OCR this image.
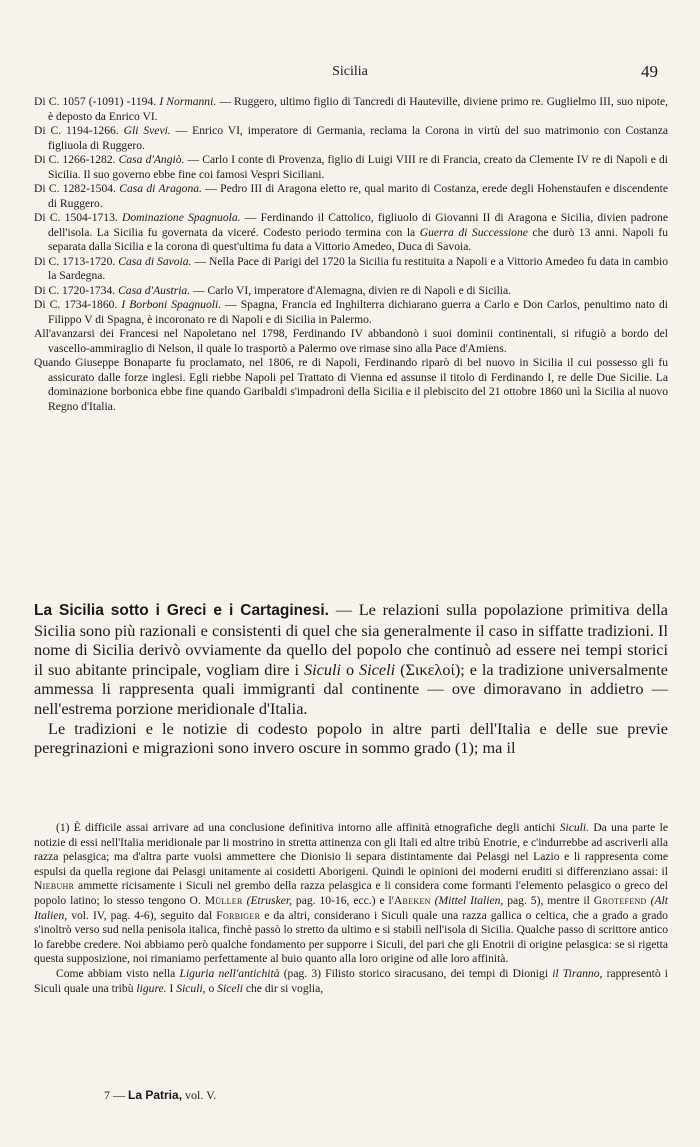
Sicilia	49

Di C. 1057 (-1091) -1194. I Normanni. — Ruggero, ultimo figlio di Tancredi di Hauteville, diviene primo re. Guglielmo III, suo nipote, è deposto da Enrico VI.

Di C. 1194-1266. Gli Svevi. — Enrico VI, imperatore di Germania, reclama la Corona in virtù del suo matrimonio con Costanza figliuola di Ruggero.

Di C. 1266-1282. Casa d'Angiò. — Carlo I conte di Provenza, figlio di Luigi VIII re di Francia, creato da Clemente IV re di Napoli e di Sicilia. Il suo governo ebbe fine coi famosi Vespri Siciliani.

Di C. 1282-1504. Casa di Aragona. — Pedro III di Aragona eletto re, qual marito di Costanza, erede degli Hohenstaufen e discendente di Ruggero.

Di C. 1504-1713. Dominazione Spagnuola. — Ferdinando il Cattolico, figliuolo di Giovanni II di Aragona e Sicilia, divien padrone dell'isola. La Sicilia fu governata da viceré. Codesto periodo termina con la Guerra di Successione che durò 13 anni. Napoli fu separata dalla Sicilia e la corona di quest'ultima fu data a Vittorio Amedeo, Duca di Savoia.

Di C. 1713-1720. Casa di Savoia. — Nella Pace di Parigi del 1720 la Sicilia fu restituita a Napoli e a Vittorio Amedeo fu data in cambio la Sardegna.

Di C. 1720-1734. Casa d'Austria. — Carlo VI, imperatore d'Alemagna, divien re di Napoli e di Sicilia.

Di C. 1734-1860. I Borboni Spagnuoli. — Spagna, Francia ed Inghilterra dichiarano guerra a Carlo e Don Carlos, penultimo nato di Filippo V di Spagna, è incoronato re di Napoli e di Sicilia in Palermo.

All'avanzarsi dei Francesi nel Napoletano nel 1798, Ferdinando IV abbandonò i suoi dominii continentali, si rifugiò a bordo del vascello-ammiraglio di Nelson, il quale lo trasportò a Palermo ove rimase sino alla Pace d'Amiens.

Quando Giuseppe Bonaparte fu proclamato, nel 1806, re di Napoli, Ferdinando riparò di bel nuovo in Sicilia il cui possesso gli fu assicurato dalle forze inglesi. Egli riebbe Napoli pel Trattato di Vienna ed assunse il titolo di Ferdinando I, re delle Due Sicilie. La dominazione borbonica ebbe fine quando Garibaldi s'impadronì della Sicilia e il plebiscito del 21 ottobre 1860 unì la Sicilia al nuovo Regno d'Italia.

La Sicilia sotto i Greci e i Cartaginesi. — Le relazioni sulla popolazione primitiva della Sicilia sono più razionali e consistenti di quel che sia generalmente il caso in siffatte tradizioni. Il nome di Sicilia derivò ovviamente da quello del popolo che continuò ad essere nei tempi storici il suo abitante principale, vogliam dire i Siculi o Siceli (Σικελοί); e la tradizione universalmente ammessa li rappresenta quali immigranti dal continente — ove dimoravano in addietro — nell'estrema porzione meridionale d'Italia.

Le tradizioni e le notizie di codesto popolo in altre parti dell'Italia e delle sue previe peregrinazioni e migrazioni sono invero oscure in sommo grado (1); ma il

(1) È difficile assai arrivare ad una conclusione definitiva intorno alle affinità etnografiche degli antichi Siculi. Da una parte le notizie di essi nell'Italia meridionale par li mostrino in stretta attinenza con gli Itali ed altre tribù Enotrie, e c'indurrebbe ad ascriverli alla razza pelasgica; ma d'altra parte vuolsi ammettere che Dionisio li separa distintamente dai Pelasgi nel Lazio e li rappresenta come espulsi da quella regione dai Pelasgi unitamente ai cosidetti Aborigeni. Quindi le opinioni dei moderni eruditi si differenziano assai: il Niebuhr ammette ricisamente i Siculi nel grembo della razza pelasgica e li considera come formanti l'elemento pelasgico o greco del popolo latino; lo stesso tengono O. Müller (Etrusker, pag. 10-16, ecc.) e l'Abeken (Mittel Italien, pag. 5), mentre il Grotefend (Alt Italien, vol. IV, pag. 4-6), seguito dal Forbiger e da altri, considerano i Siculi quale una razza gallica o celtica, che a grado a grado s'inoltrò verso sud nella penisola italica, finchè passò lo stretto da ultimo e si stabilì nell'isola di Sicilia. Qualche passo di scrittore antico lo farebbe credere. Noi abbiamo però qualche fondamento per supporre i Siculi, del pari che gli Enotrii di origine pelasgica: se si rigetta questa supposizione, noi rimaniamo perfettamente al buio quanto alla loro origine od alle loro affinità.

Come abbiam visto nella Liguria nell'antichità (pag. 3) Filisto storico siracusano, dei tempi di Dionigi il Tiranno, rappresentò i Siculi quale una tribù ligure. I Siculi, o Siceli che dir si voglia,

7 — La Patria, vol. V.
